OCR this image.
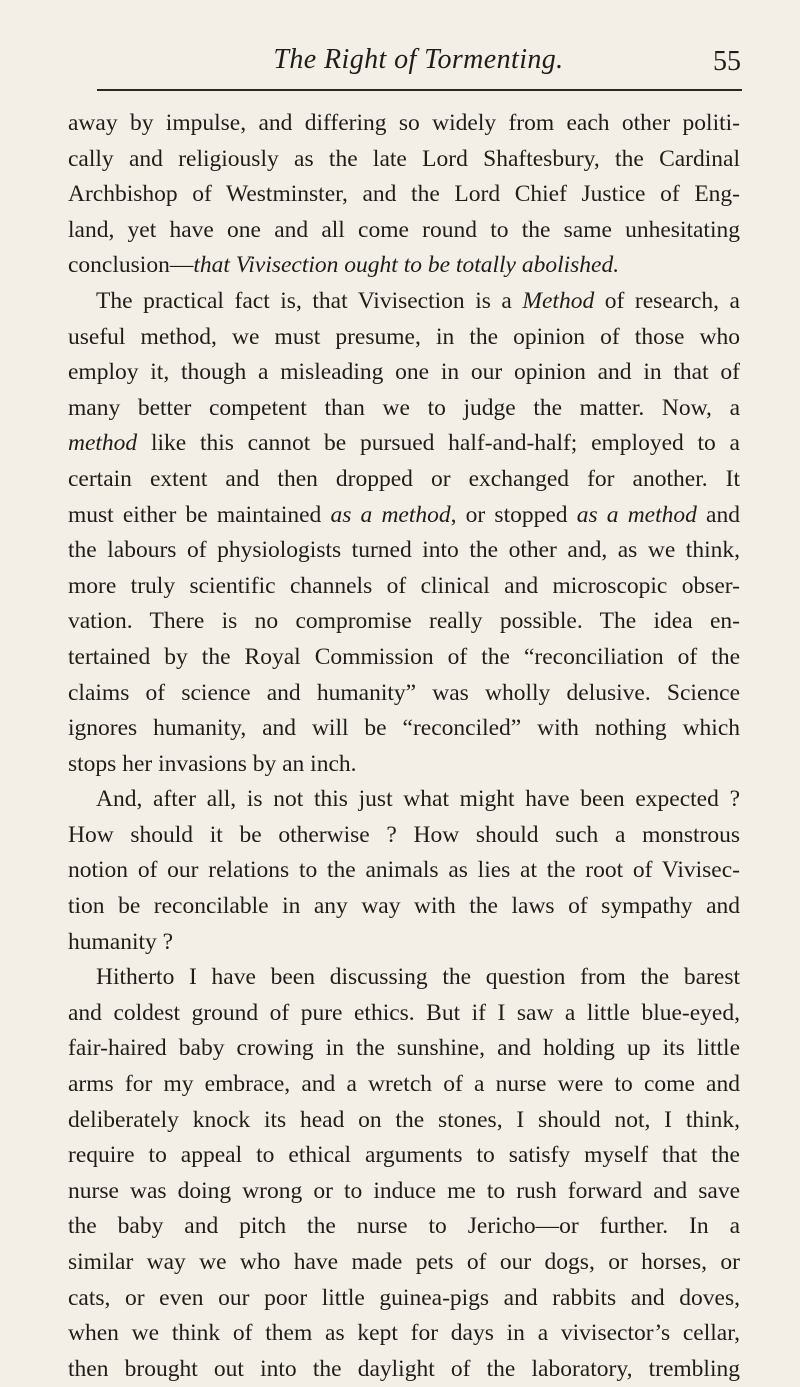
The Right of Tormenting.	55
away by impulse, and differing so widely from each other politi-
cally and religiously as the late Lord Shaftesbury, the Cardinal
Archbishop of Westminster, and the Lord Chief Justice of Eng-
land, yet have one and all come round to the same unhesitating
conclusion—that Vivisection ought to be totally abolished.
The practical fact is, that Vivisection is a Method of research, a
useful method, we must presume, in the opinion of those who
employ it, though a misleading one in our opinion and in that of
many better competent than we to judge the matter. Now, a
method like this cannot be pursued half-and-half; employed to a
certain extent and then dropped or exchanged for another. It
must either be maintained as a method, or stopped as a method and
the labours of physiologists turned into the other and, as we think,
more truly scientific channels of clinical and microscopic obser-
vation. There is no compromise really possible. The idea en-
tertained by the Royal Commission of the “reconciliation of the
claims of science and humanity” was wholly delusive. Science
ignores humanity, and will be “reconciled” with nothing which
stops her invasions by an inch.
And, after all, is not this just what might have been expected ?
How should it be otherwise ? How should such a monstrous
notion of our relations to the animals as lies at the root of Vivisec-
tion be reconcilable in any way with the laws of sympathy and
humanity ?
Hitherto I have been discussing the question from the barest
and coldest ground of pure ethics. But if I saw a little blue-eyed,
fair-haired baby crowing in the sunshine, and holding up its little
arms for my embrace, and a wretch of a nurse were to come and
deliberately knock its head on the stones, I should not, I think,
require to appeal to ethical arguments to satisfy myself that the
nurse was doing wrong or to induce me to rush forward and save
the baby and pitch the nurse to Jericho—or further. In a
similar way we who have made pets of our dogs, or horses, or
cats, or even our poor little guinea-pigs and rabbits and doves,
when we think of them as kept for days in a vivisector’s cellar,
then brought out into the daylight of the laboratory, trembling
